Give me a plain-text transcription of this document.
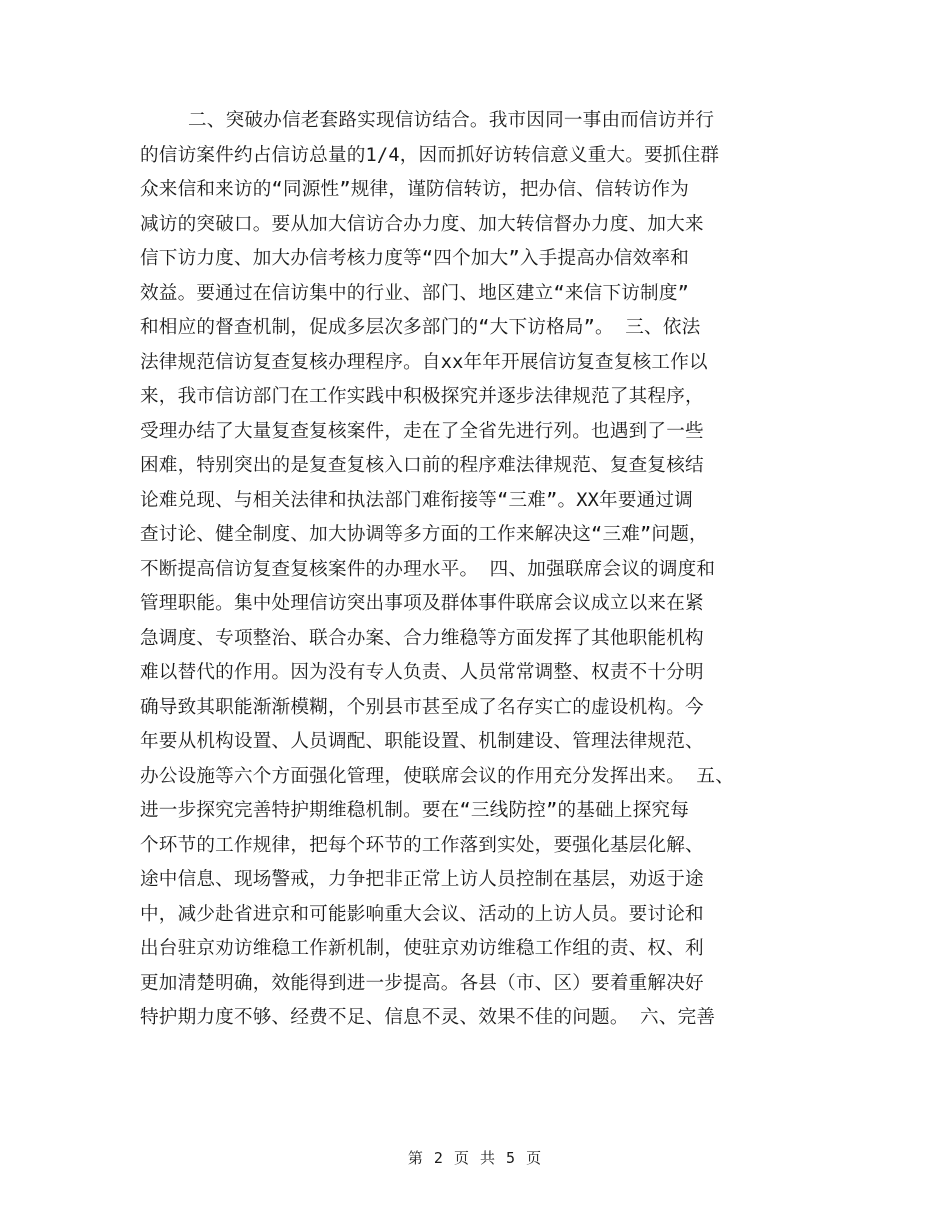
二、突破办信老套路实现信访结合。我市因同一事由而信访并行
的信访案件约占信访总量的1/4，因而抓好访转信意义重大。要抓住群
众来信和来访的“同源性”规律，谨防信转访，把办信、信转访作为
减访的突破口。要从加大信访合办力度、加大转信督办力度、加大来
信下访力度、加大办信考核力度等“四个加大”入手提高办信效率和
效益。要通过在信访集中的行业、部门、地区建立“来信下访制度”
和相应的督查机制，促成多层次多部门的“大下访格局”。 三、依法
法律规范信访复查复核办理程序。自xx年年开展信访复查复核工作以
来，我市信访部门在工作实践中积极探究并逐步法律规范了其程序，
受理办结了大量复查复核案件，走在了全省先进行列。也遇到了一些
困难，特别突出的是复查复核入口前的程序难法律规范、复查复核结
论难兑现、与相关法律和执法部门难衔接等“三难”。XX年要通过调
查讨论、健全制度、加大协调等多方面的工作来解决这“三难”问题，
不断提高信访复查复核案件的办理水平。 四、加强联席会议的调度和
管理职能。集中处理信访突出事项及群体事件联席会议成立以来在紧
急调度、专项整治、联合办案、合力维稳等方面发挥了其他职能机构
难以替代的作用。因为没有专人负责、人员常常调整、权责不十分明
确导致其职能渐渐模糊，个别县市甚至成了名存实亡的虚设机构。今
年要从机构设置、人员调配、职能设置、机制建设、管理法律规范、
办公设施等六个方面强化管理，使联席会议的作用充分发挥出来。 五、
进一步探究完善特护期维稳机制。要在“三线防控”的基础上探究每
个环节的工作规律，把每个环节的工作落到实处，要强化基层化解、
途中信息、现场警戒，力争把非正常上访人员控制在基层，劝返于途
中，减少赴省进京和可能影响重大会议、活动的上访人员。要讨论和
出台驻京劝访维稳工作新机制，使驻京劝访维稳工作组的责、权、利
更加清楚明确，效能得到进一步提高。各县（市、区）要着重解决好
特护期力度不够、经费不足、信息不灵、效果不佳的问题。 六、完善
第 2 页 共 5 页
